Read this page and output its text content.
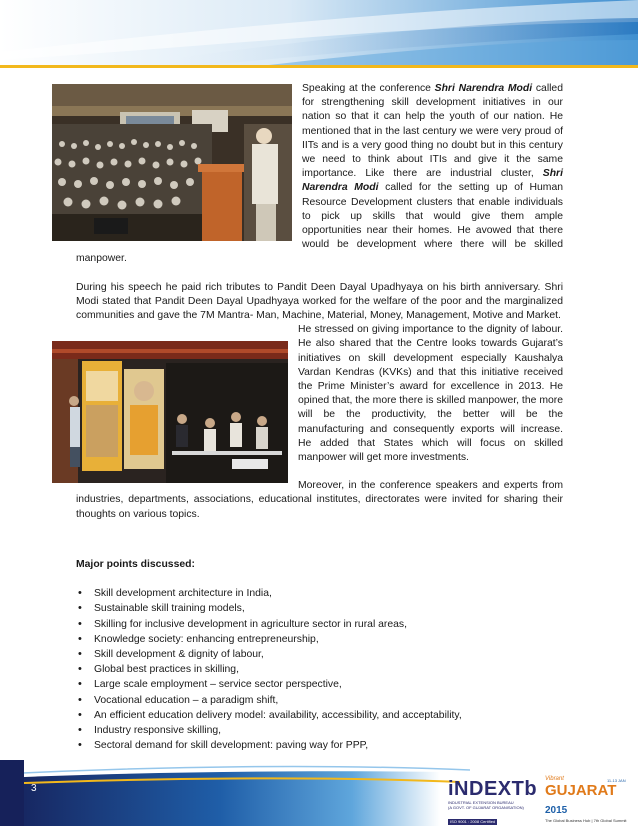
Speaking at the conference Shri Narendra Modi called for strengthening skill development initiatives in our nation so that it can help the youth of our nation. He mentioned that in the last century we were very proud of IITs and is a very good thing no doubt but in this century we need to think about ITIs and give it the same importance. Like there are industrial cluster, Shri Narendra Modi called for the setting up of Human Resource Development clusters that enable individuals to pick up skills that would give them ample opportunities near their homes. He avowed that there would be development where there will be skilled manpower.

During his speech he paid rich tributes to Pandit Deen Dayal Upadhyaya on his birth anniversary. Shri Modi stated that Pandit Deen Dayal Upadhyaya worked for the welfare of the poor and the marginalized communities and gave the 7M Mantra- Man, Machine, Material, Money, Management, Motive and Market.

He stressed on giving importance to the dignity of labour. He also shared that the Centre looks towards Gujarat’s initiatives on skill development especially Kaushalya Vardan Kendras (KVKs) and that this initiative received the Prime Minister’s award for excellence in 2013. He opined that, the more there is skilled manpower, the more will be the productivity, the better will be the manufacturing and consequently exports will increase. He added that States which will focus on skilled manpower will get more investments.

Moreover, in the conference speakers and experts from industries, departments, associations, educational institutes, directorates were invited for sharing their thoughts on various topics.

Major points discussed:

• Skill development architecture in India,
• Sustainable skill training models,
• Skilling for inclusive development in agriculture sector in rural areas,
• Knowledge society: enhancing entrepreneurship,
• Skill development & dignity of labour,
• Global best practices in skilling,
• Large scale employment – service sector perspective,
• Vocational education – a paradigm shift,
• An efficient education delivery model: availability, accessibility, and acceptability,
• Industry responsive skilling,
• Sectoral demand for skill development: paving way for PPP,
3	iNDEXTb
INDUSTRIAL EXTENSION BUREAU
(A GOVT. OF GUJARAT ORGANISATION)
ISO 9001 : 2008 Certified
Vibrant
GUJARAT 2015
11-13 JAN
The Global Business Hub | 7th Global Summit
